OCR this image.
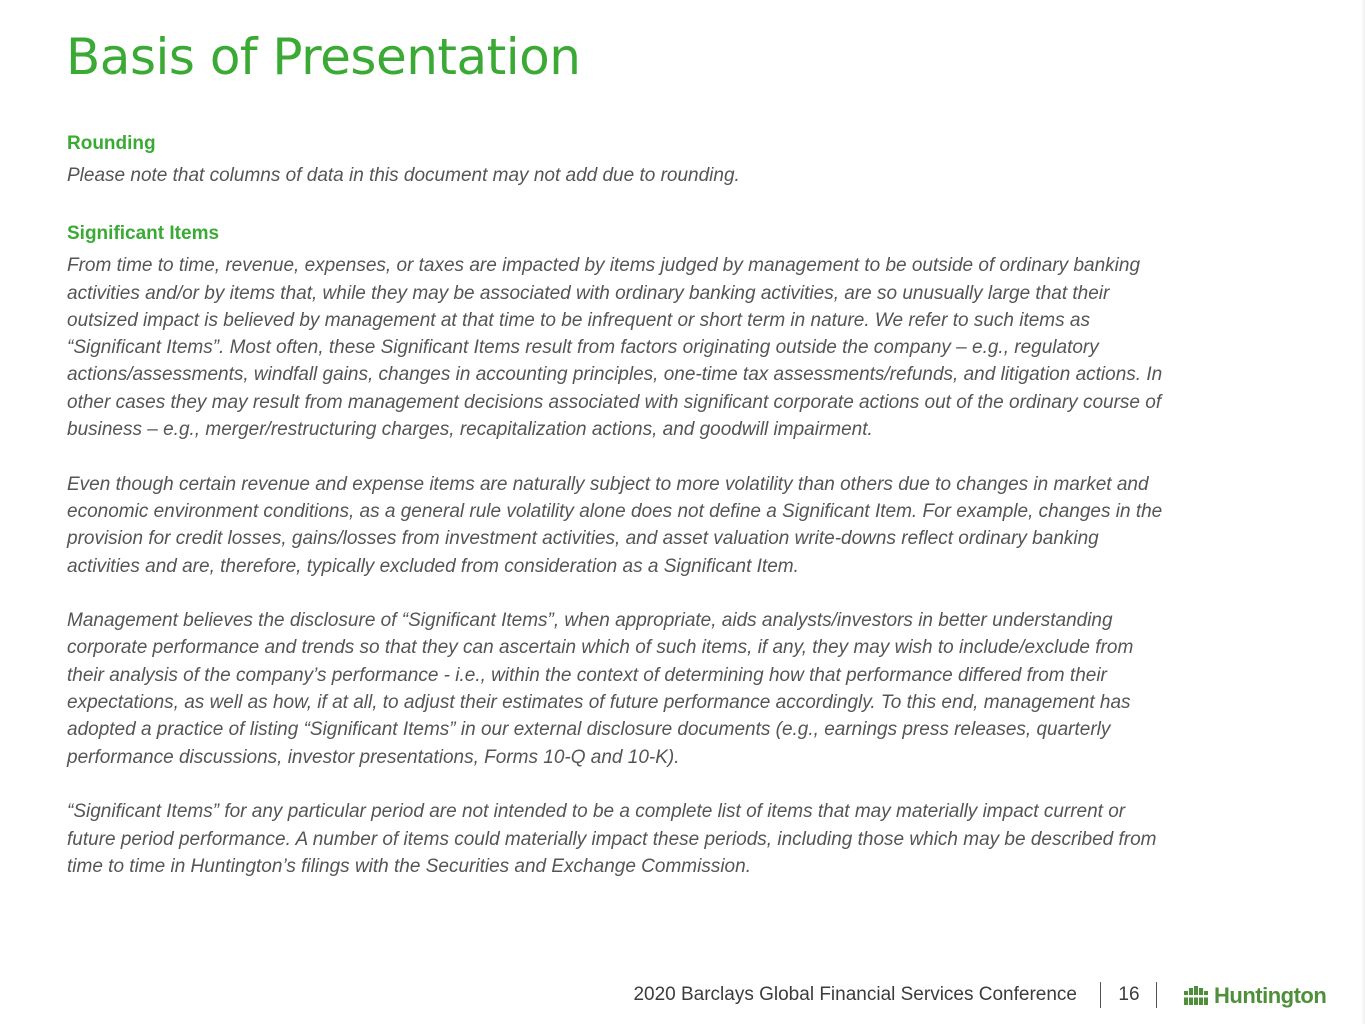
Basis of Presentation
Rounding

Please note that columns of data in this document may not add due to rounding.

Significant Items

From time to time, revenue, expenses, or taxes are impacted by items judged by management to be outside of ordinary banking
activities and/or by items that, while they may be associated with ordinary banking activities, are so unusually large that their
outsized impact is believed by management at that time to be infrequent or short term in nature. We refer to such items as
“Significant Items”. Most often, these Significant Items result from factors originating outside the company – e.g., regulatory
actions/assessments, windfall gains, changes in accounting principles, one-time tax assessments/refunds, and litigation actions. In
other cases they may result from management decisions associated with significant corporate actions out of the ordinary course of
business – e.g., merger/restructuring charges, recapitalization actions, and goodwill impairment.

Even though certain revenue and expense items are naturally subject to more volatility than others due to changes in market and
economic environment conditions, as a general rule volatility alone does not define a Significant Item. For example, changes in the
provision for credit losses, gains/losses from investment activities, and asset valuation write-downs reflect ordinary banking
activities and are, therefore, typically excluded from consideration as a Significant Item.

Management believes the disclosure of “Significant Items”, when appropriate, aids analysts/investors in better understanding
corporate performance and trends so that they can ascertain which of such items, if any, they may wish to include/exclude from
their analysis of the company’s performance - i.e., within the context of determining how that performance differed from their
expectations, as well as how, if at all, to adjust their estimates of future performance accordingly. To this end, management has
adopted a practice of listing “Significant Items” in our external disclosure documents (e.g., earnings press releases, quarterly
performance discussions, investor presentations, Forms 10-Q and 10-K).

“Significant Items” for any particular period are not intended to be a complete list of items that may materially impact current or
future period performance. A number of items could materially impact these periods, including those which may be described from
time to time in Huntington’s filings with the Securities and Exchange Commission.

2020 Barclays Global Financial Services Conference	16	Huntington
